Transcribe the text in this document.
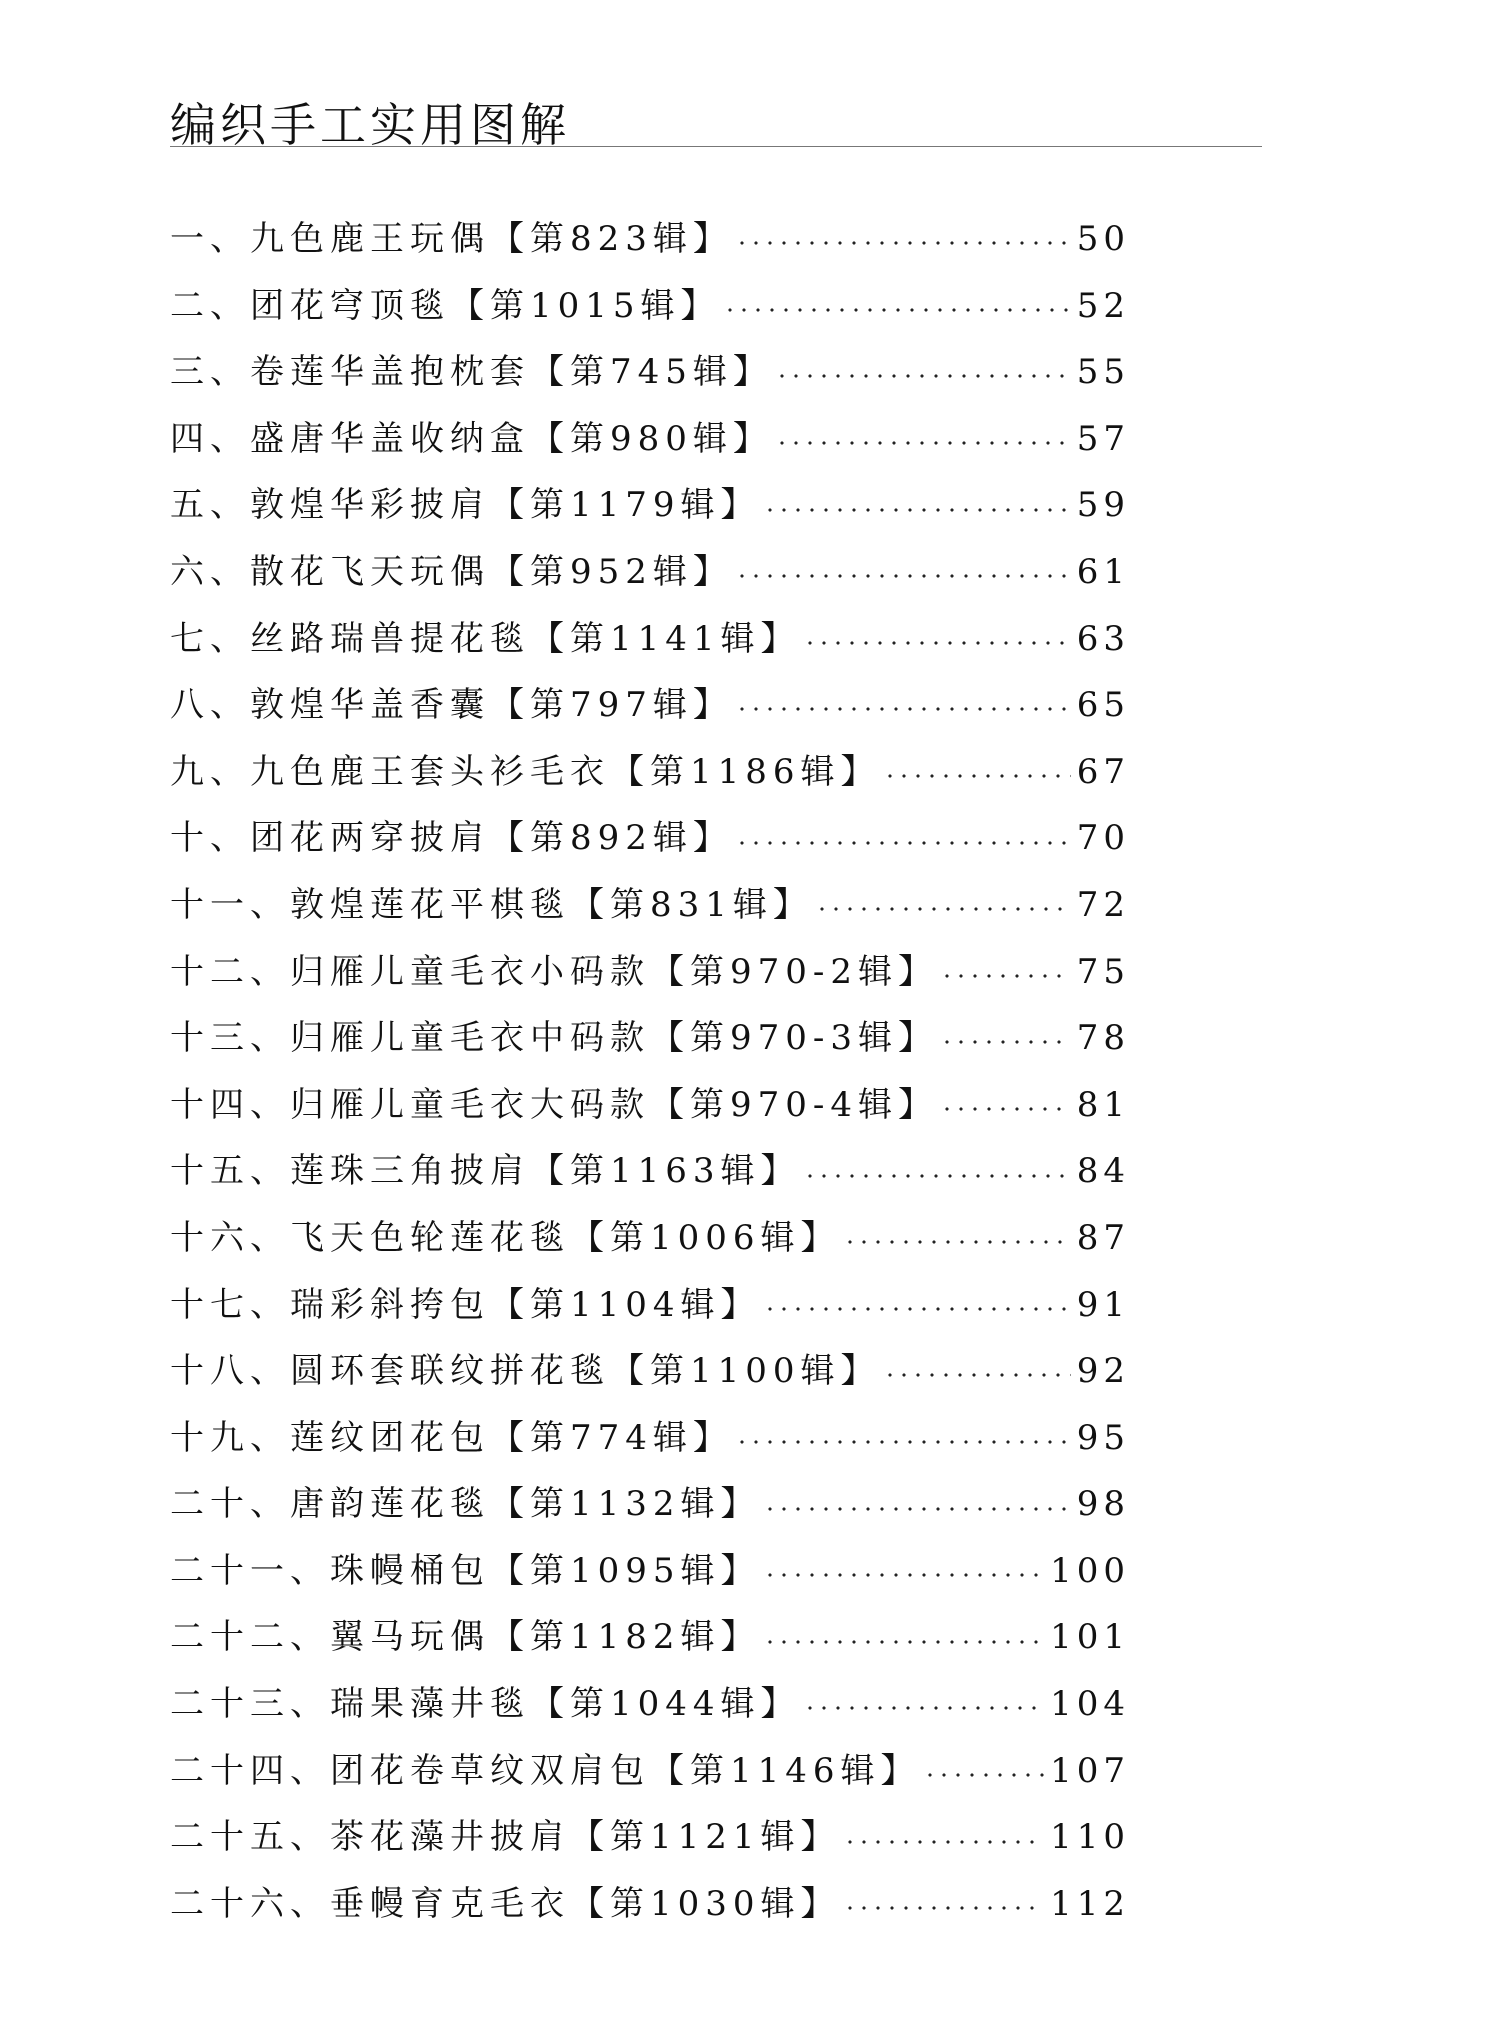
编织手工实用图解
一、九色鹿王玩偶【第823辑】	50
二、团花穹顶毯【第1015辑】	52
三、卷莲华盖抱枕套【第745辑】	55
四、盛唐华盖收纳盒【第980辑】	57
五、敦煌华彩披肩【第1179辑】	59
六、散花飞天玩偶【第952辑】	61
七、丝路瑞兽提花毯【第1141辑】	63
八、敦煌华盖香囊【第797辑】	65
九、九色鹿王套头衫毛衣【第1186辑】	67
十、团花两穿披肩【第892辑】	70
十一、敦煌莲花平棋毯【第831辑】	72
十二、归雁儿童毛衣小码款【第970-2辑】	75
十三、归雁儿童毛衣中码款【第970-3辑】	78
十四、归雁儿童毛衣大码款【第970-4辑】	81
十五、莲珠三角披肩【第1163辑】	84
十六、飞天色轮莲花毯【第1006辑】	87
十七、瑞彩斜挎包【第1104辑】	91
十八、圆环套联纹拼花毯【第1100辑】	92
十九、莲纹团花包【第774辑】	95
二十、唐韵莲花毯【第1132辑】	98
二十一、珠幔桶包【第1095辑】	100
二十二、翼马玩偶【第1182辑】	101
二十三、瑞果藻井毯【第1044辑】	104
二十四、团花卷草纹双肩包【第1146辑】	107
二十五、茶花藻井披肩【第1121辑】	110
二十六、垂幔育克毛衣【第1030辑】	112
